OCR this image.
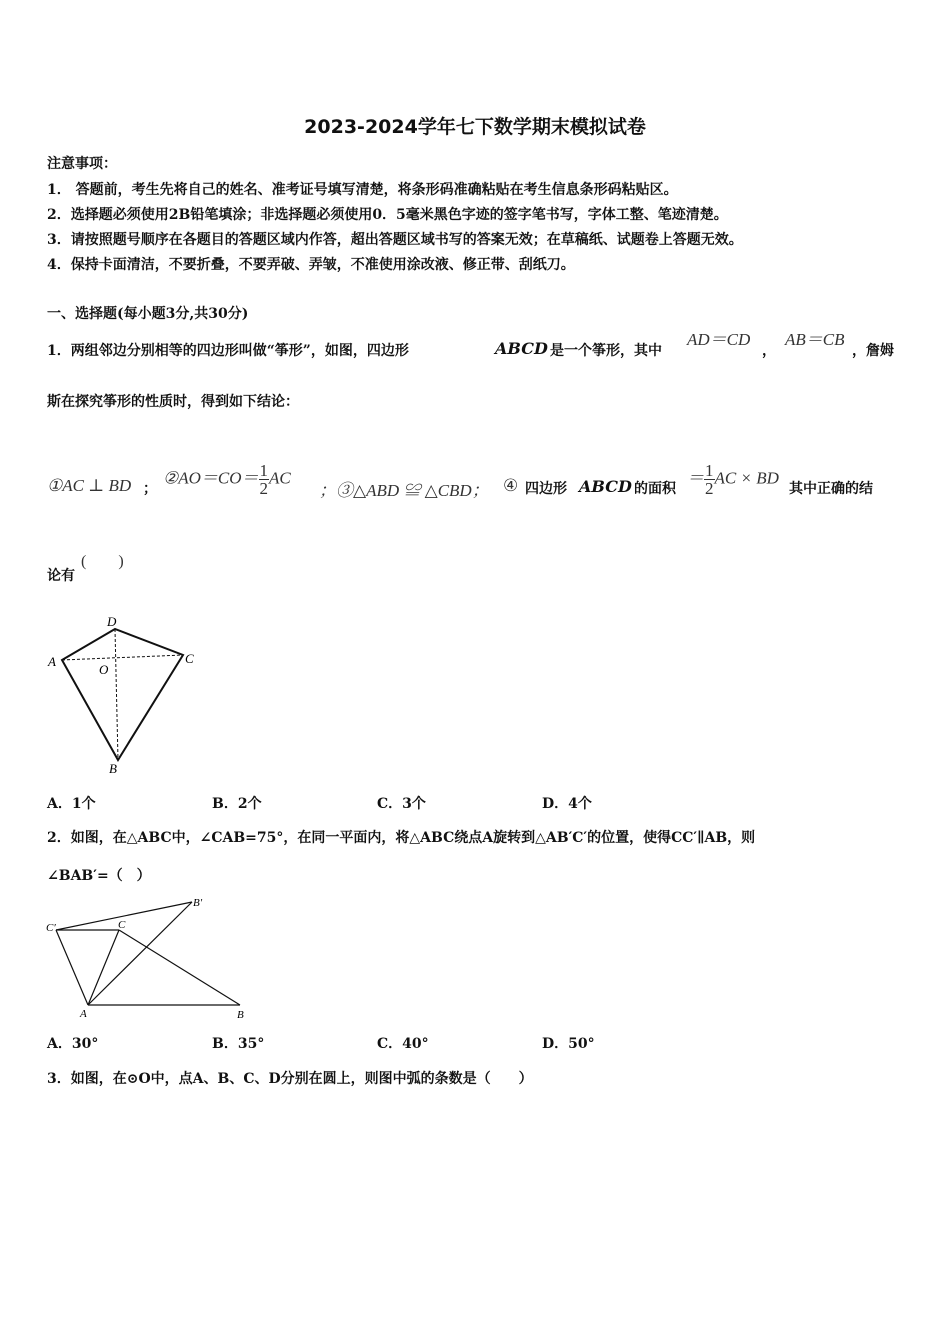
2023-2024学年七下数学期末模拟试卷
注意事项：
1． 答题前，考生先将自己的姓名、准考证号填写清楚，将条形码准确粘贴在考生信息条形码粘贴区。
2．选择题必须使用2B铅笔填涂；非选择题必须使用0．5毫米黑色字迹的签字笔书写，字体工整、笔迹清楚。
3．请按照题号顺序在各题目的答题区域内作答，超出答题区域书写的答案无效；在草稿纸、试题卷上答题无效。
4．保持卡面清洁，不要折叠，不要弄破、弄皱，不准使用涂改液、修正带、刮纸刀。
一、选择题(每小题3分,共30分)
1．两组邻边分别相等的四边形叫做“筝形”，如图，四边形	ABCD 是一个筝形，其中
AD＝CD
，
AB＝CB
，詹姆
斯在探究筝形的性质时，得到如下结论：
①AC ⊥ BD ；
②AO＝CO＝ $\frac{1}{2}$ AC
；③△ABD ≌ △CBD； ④ 四边形 ABCD 的面积
＝ $\frac{1}{2}$ AC × BD
其中正确的结
论有
(　　)
D
A	C
O
B
A．1个	B．2个	C．3个	D．4个
2．如图，在△ABC中，∠CAB=75°，在同一平面内，将△ABC绕点A旋转到△AB′C′的位置，使得CC′∥AB，则
∠BAB′=（　）
C′	C
B′
A	B
A．30°	B．35°	C．40°	D．50°
3．如图，在⊙O中，点A、B、C、D分别在圆上，则图中弧的条数是（　　）
